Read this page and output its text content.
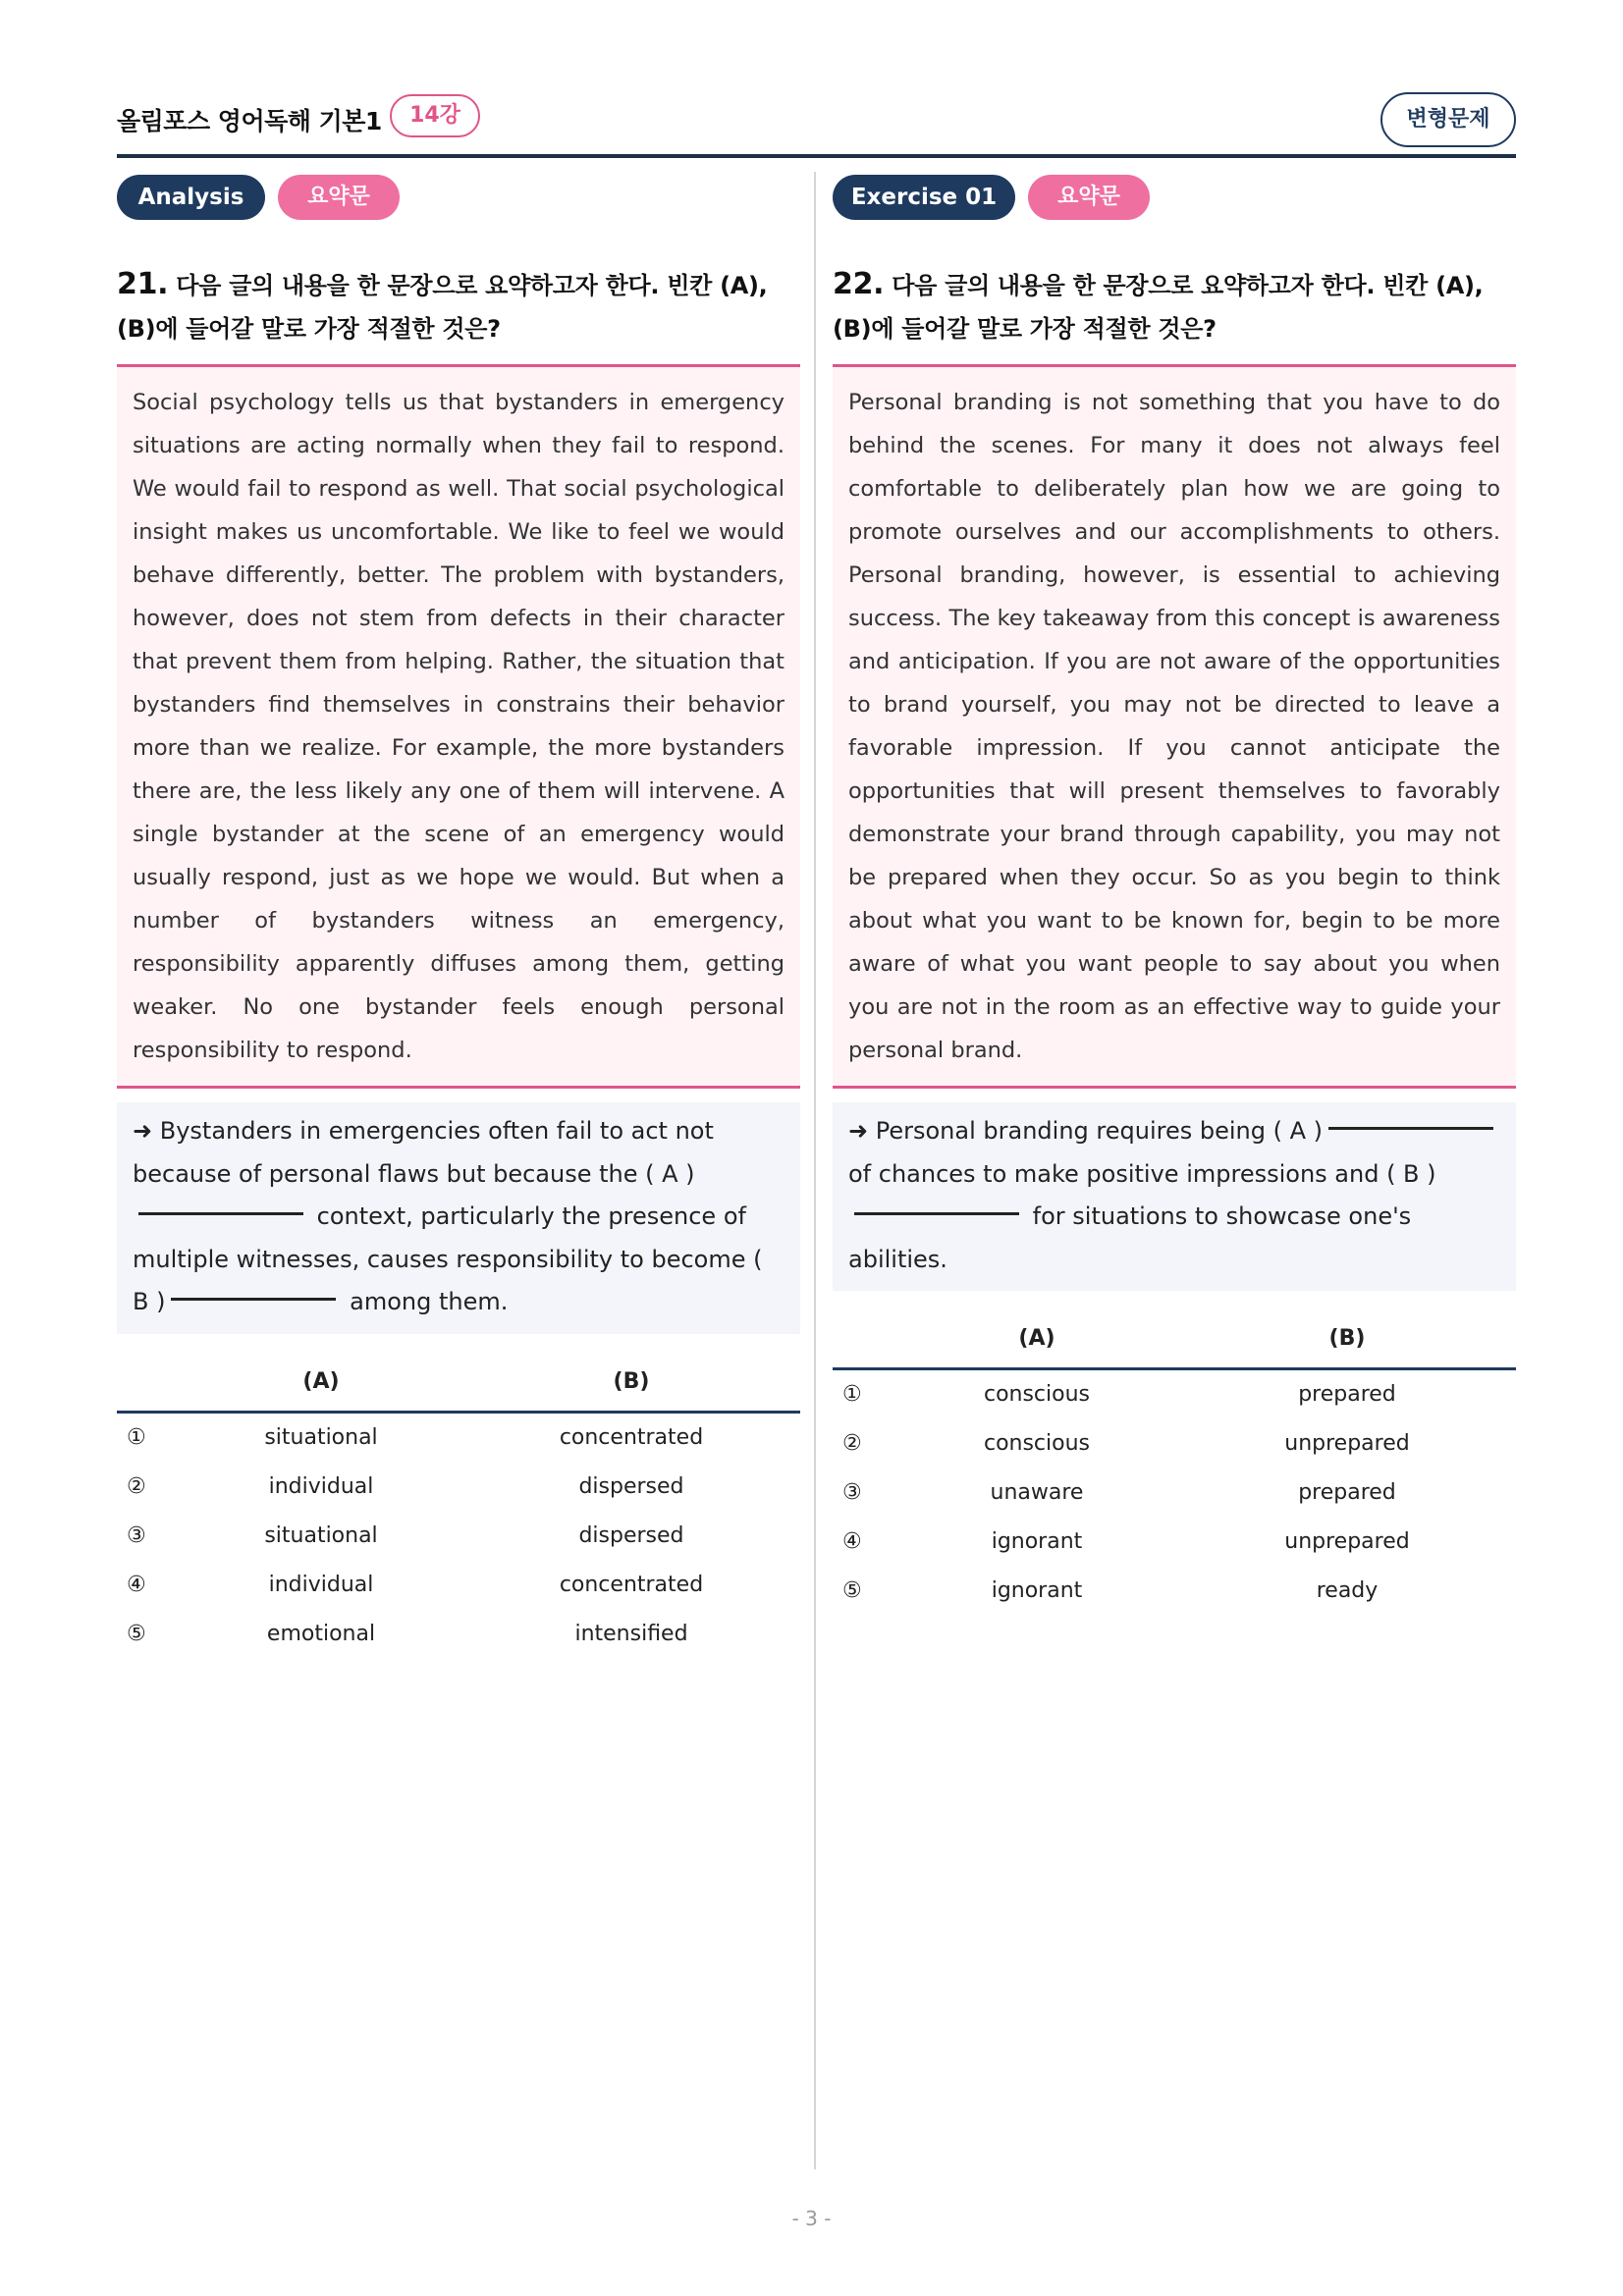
올림포스 영어독해 기본1	14강	변형문제
Analysis	요약문
21. 다음 글의 내용을 한 문장으로 요약하고자 한다. 빈칸 (A), (B)에 들어갈 말로 가장 적절한 것은?
Social psychology tells us that bystanders in emergency situations are acting normally when they fail to respond. We would fail to respond as well. That social psychological insight makes us uncomfortable. We like to feel we would behave differently, better. The problem with bystanders, however, does not stem from defects in their character that prevent them from helping. Rather, the situation that bystanders find themselves in constrains their behavior more than we realize. For example, the more bystanders there are, the less likely any one of them will intervene. A single bystander at the scene of an emergency would usually respond, just as we hope we would. But when a number of bystanders witness an emergency, responsibility apparently diffuses among them, getting weaker. No one bystander feels enough personal responsibility to respond.
➜ Bystanders in emergencies often fail to act not because of personal flaws but because the ( A ) context, particularly the presence of multiple witnesses, causes responsibility to become ( B )	among them.
(A)	(B)
①	situational	concentrated
②	individual	dispersed
③	situational	dispersed
④	individual	concentrated
⑤	emotional	intensified
Exercise 01	요약문
22. 다음 글의 내용을 한 문장으로 요약하고자 한다. 빈칸 (A), (B)에 들어갈 말로 가장 적절한 것은?
Personal branding is not something that you have to do behind the scenes. For many it does not always feel comfortable to deliberately plan how we are going to promote ourselves and our accomplishments to others. Personal branding, however, is essential to achieving success. The key takeaway from this concept is awareness and anticipation. If you are not aware of the opportunities to brand yourself, you may not be directed to leave a favorable impression. If you cannot anticipate the opportunities that will present themselves to favorably demonstrate your brand through capability, you may not be prepared when they occur. So as you begin to think about what you want to be known for, begin to be more aware of what you want people to say about you when you are not in the room as an effective way to guide your personal brand.
➜ Personal branding requires being ( A ) of chances to make positive impressions and ( B )
for situations to showcase one's abilities.
(A)	(B)
①	conscious	prepared
②	conscious	unprepared
③	unaware	prepared
④	ignorant	unprepared
⑤	ignorant	ready
- 3 -
